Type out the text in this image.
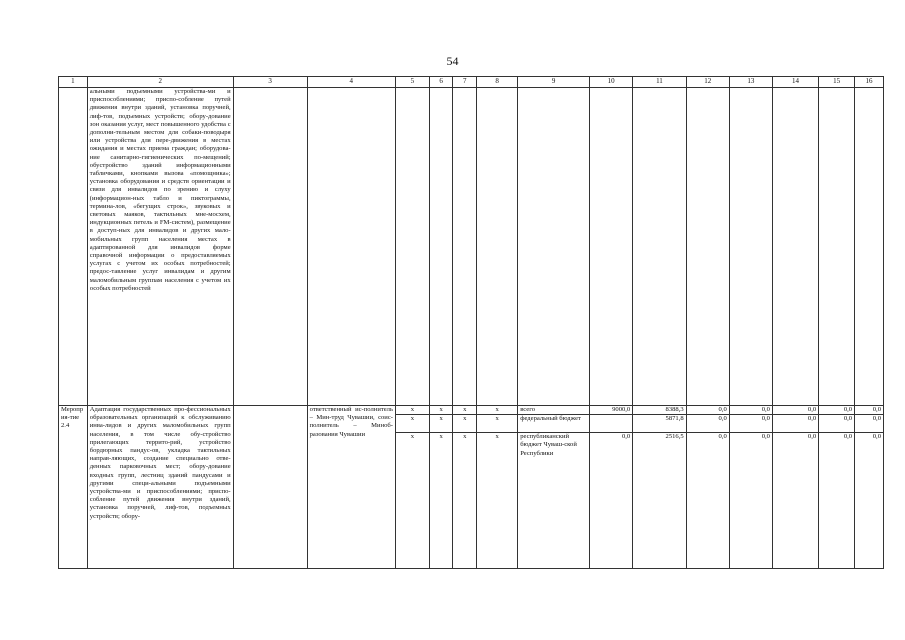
54
1	2	3	4	5	6	7	8	9	10	11	12	13	14	15	16
	альными подъемными устройства-ми и приспособлениями; приспо-собление путей движения внутри зданий, установка поручней, лиф-тов, подъемных устройств; обору-дование зон оказания услуг, мест повышенного удобства с дополни-тельным местом для собаки-поводыря или устройства для пере-движения в местах ожидания и местах приема граждан; оборудова-ние санитарно-гигиенических по-мещений; обустройство зданий информационными табличками, кнопками вызова «помощника»; установка оборудования и средств ориентации и связи для инвалидов по зрению и слуху (информацион-ных табло и пиктограммы, термина-лов, «бегущих строк», звуковых и световых маяков, тактильных мне-мосхем, индукционных петель и FM-систем), размещение в доступ-ных для инвалидов и других мало-мобильных групп населения местах в адаптированной для инвалидов форме справочной информации о предоставляемых услугах с учетом их особых потребностей; предос-тавление услуг инвалидам и другим маломобильным группам населения с учетом их особых потребностей														
Мероприя-тие 2.4	Адаптация государственных про-фессиональных образовательных организаций к обслуживанию инва-лидов и других маломобильных групп населения, в том числе обу-стройство прилегающих террито-рий, устройство бордюрных пандус-ов, укладка тактильных направ-ляющих, создание специально отве-денных парковочных мест; обору-дование входных групп, лестниц зданий пандусами и другими специ-альными подъемными устройства-ми и приспособлениями; приспо-собление путей движения внутри зданий, установка поручней, лиф-тов, подъемных устройств; обору-		ответственный ис-полнитель – Мин-труд Чувашии, соис-полнитель – Миноб-разования Чувашии	x	x	x	x	всего	9000,0	8388,3	0,0	0,0	0,0	0,0	0,0
				x	x	x	x	федеральный бюджет		5871,8	0,0	0,0	0,0	0,0	0,0
				x	x	x	x	республиканский бюджет Чуваш-ской Республики	0,0	2516,5	0,0	0,0	0,0	0,0	0,0
